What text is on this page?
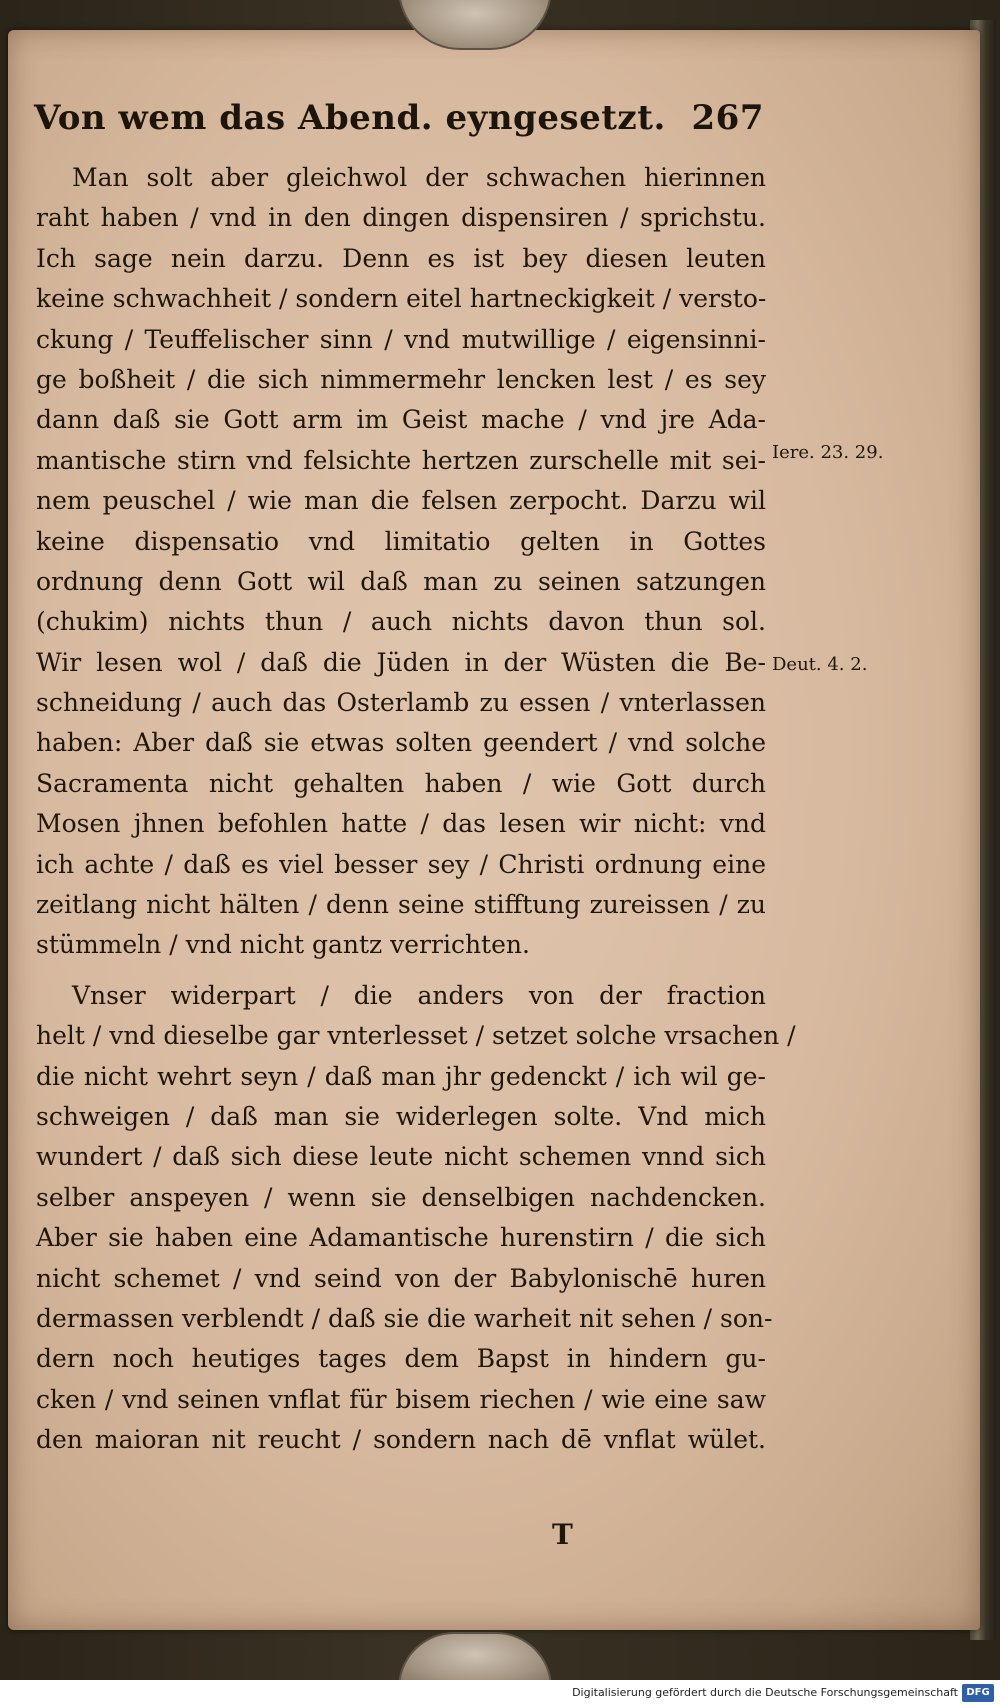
Von wem das Abend. eyngesetzt. 267
Man solt aber gleichwol der schwachen hierinnen
raht haben / vnd in den dingen dispensiren / sprichstu.
Ich sage nein darzu. Denn es ist bey diesen leuten
keine schwachheit / sondern eitel hartneckigkeit / versto-
ckung / Teuffelischer sinn / vnd mutwillige / eigensinni-
ge boßheit / die sich nimmermehr lencken lest / es sey
dann daß sie Gott arm im Geist mache / vnd jre Ada-
mantische stirn vnd felsichte hertzen zurschelle mit sei-
nem peuschel / wie man die felsen zerpocht. Darzu wil
keine dispensatio vnd limitatio gelten in Gottes
ordnung denn Gott wil daß man zu seinen satzungen
(chukim) nichts thun / auch nichts davon thun sol.
Wir lesen wol / daß die Jüden in der Wüsten die Be-
schneidung / auch das Osterlamb zu essen / vnterlassen
haben: Aber daß sie etwas solten geendert / vnd solche
Sacramenta nicht gehalten haben / wie Gott durch
Mosen jhnen befohlen hatte / das lesen wir nicht: vnd
ich achte / daß es viel besser sey / Christi ordnung eine
zeitlang nicht hälten / denn seine stifftung zureissen / zu
stümmeln / vnd nicht gantz verrichten.
Vnser widerpart / die anders von der fraction
helt / vnd dieselbe gar vnterlesset / setzet solche vrsachen /
die nicht wehrt seyn / daß man jhr gedenckt / ich wil ge-
schweigen / daß man sie widerlegen solte. Vnd mich
wundert / daß sich diese leute nicht schemen vnnd sich
selber anspeyen / wenn sie denselbigen nachdencken.
Aber sie haben eine Adamantische hurenstirn / die sich
nicht schemet / vnd seind von der Babylonischē huren
dermassen verblendt / daß sie die warheit nit sehen / son-
dern noch heutiges tages dem Bapst in hindern gu-
cken / vnd seinen vnflat für bisem riechen / wie eine saw
den maioran nit reucht / sondern nach dē vnflat wület.
Iere. 23. 29.
Deut. 4. 2.
T
Digitalisierung gefördert durch die Deutsche Forschungsgemeinschaft DFG
